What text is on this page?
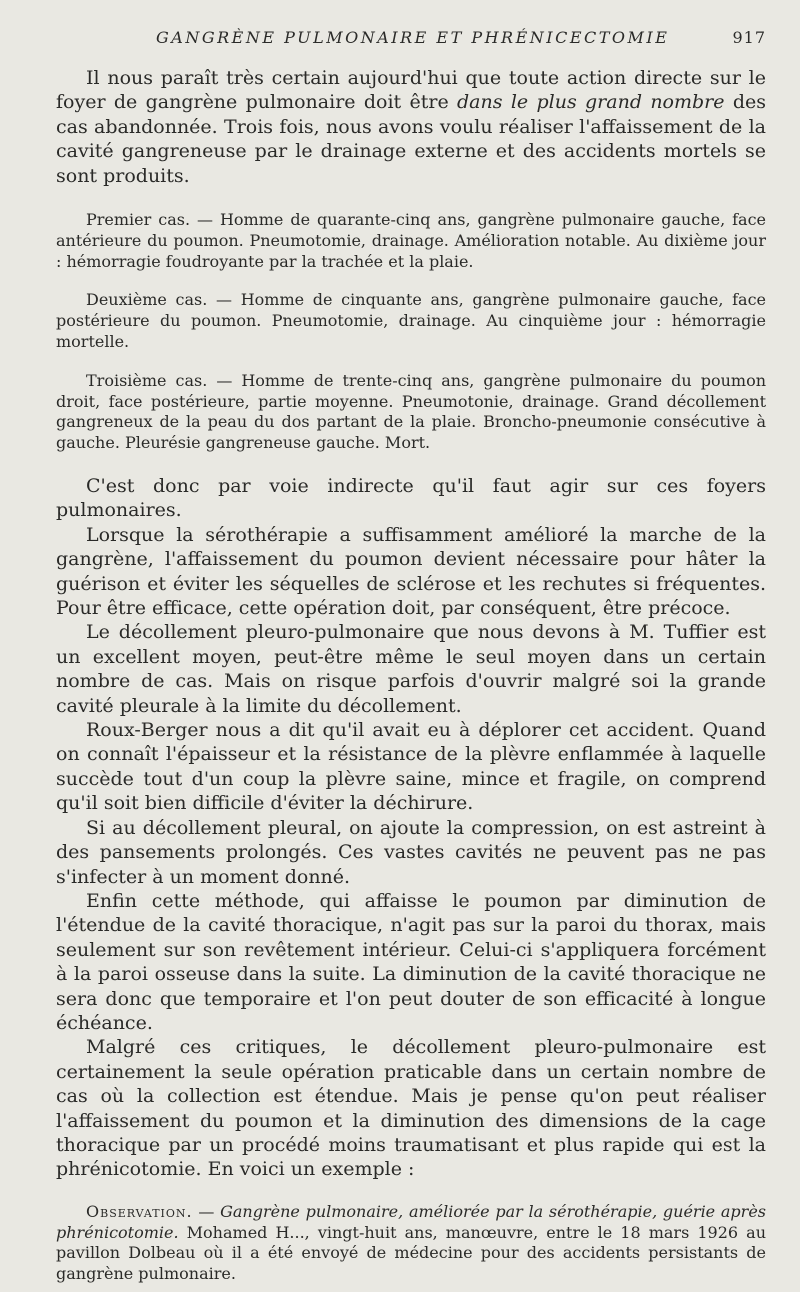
GANGRÈNE PULMONAIRE ET PHRÉNICECTOMIE	917

Il nous paraît très certain aujourd'hui que toute action directe sur le foyer de gangrène pulmonaire doit être dans le plus grand nombre des cas abandonnée. Trois fois, nous avons voulu réaliser l'affaissement de la cavité gangreneuse par le drainage externe et des accidents mortels se sont produits.

Premier cas. — Homme de quarante-cinq ans, gangrène pulmonaire gauche, face antérieure du poumon. Pneumotomie, drainage. Amélioration notable. Au dixième jour : hémorragie foudroyante par la trachée et la plaie.

Deuxième cas. — Homme de cinquante ans, gangrène pulmonaire gauche, face postérieure du poumon. Pneumotomie, drainage. Au cinquième jour : hémorragie mortelle.

Troisième cas. — Homme de trente-cinq ans, gangrène pulmonaire du poumon droit, face postérieure, partie moyenne. Pneumotonie, drainage. Grand décollement gangreneux de la peau du dos partant de la plaie. Broncho-pneumonie consécutive à gauche. Pleurésie gangreneuse gauche. Mort.

C'est donc par voie indirecte qu'il faut agir sur ces foyers pulmonaires.

Lorsque la sérothérapie a suffisamment amélioré la marche de la gangrène, l'affaissement du poumon devient nécessaire pour hâter la guérison et éviter les séquelles de sclérose et les rechutes si fréquentes. Pour être efficace, cette opération doit, par conséquent, être précoce.

Le décollement pleuro-pulmonaire que nous devons à M. Tuffier est un excellent moyen, peut-être même le seul moyen dans un certain nombre de cas. Mais on risque parfois d'ouvrir malgré soi la grande cavité pleurale à la limite du décollement.

Roux-Berger nous a dit qu'il avait eu à déplorer cet accident. Quand on connaît l'épaisseur et la résistance de la plèvre enflammée à laquelle succède tout d'un coup la plèvre saine, mince et fragile, on comprend qu'il soit bien difficile d'éviter la déchirure.

Si au décollement pleural, on ajoute la compression, on est astreint à des pansements prolongés. Ces vastes cavités ne peuvent pas ne pas s'infecter à un moment donné.

Enfin cette méthode, qui affaisse le poumon par diminution de l'étendue de la cavité thoracique, n'agit pas sur la paroi du thorax, mais seulement sur son revêtement intérieur. Celui-ci s'appliquera forcément à la paroi osseuse dans la suite. La diminution de la cavité thoracique ne sera donc que temporaire et l'on peut douter de son efficacité à longue échéance.

Malgré ces critiques, le décollement pleuro-pulmonaire est certainement la seule opération praticable dans un certain nombre de cas où la collection est étendue. Mais je pense qu'on peut réaliser l'affaissement du poumon et la diminution des dimensions de la cage thoracique par un procédé moins traumatisant et plus rapide qui est la phrénicotomie. En voici un exemple :

Observation. — Gangrène pulmonaire, améliorée par la sérothérapie, guérie après phrénicotomie. Mohamed H..., vingt-huit ans, manœuvre, entre le 18 mars 1926 au pavillon Dolbeau où il a été envoyé de médecine pour des accidents persistants de gangrène pulmonaire.
